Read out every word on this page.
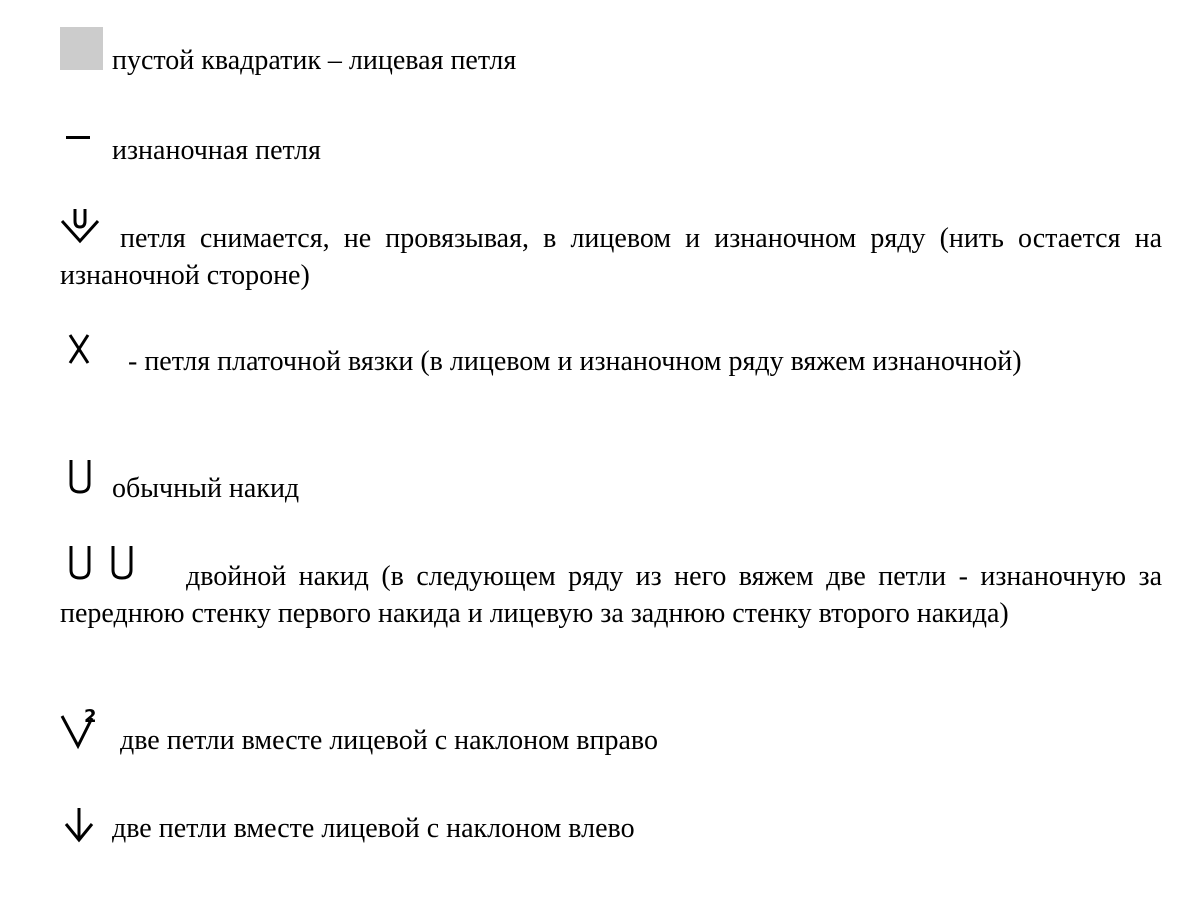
пустой квадратик – лицевая петля
изнаночная петля
петля снимается, не провязывая, в лицевом и изнаночном ряду (нить остается на изнаночной стороне)
- петля платочной вязки (в лицевом и изнаночном ряду вяжем изнаночной)
обычный накид
двойной накид (в следующем ряду из него вяжем две петли - изнаночную за переднюю стенку первого накида и лицевую за заднюю стенку второго накида)
2
две петли вместе лицевой с наклоном вправо
две петли вместе лицевой с наклоном влево
